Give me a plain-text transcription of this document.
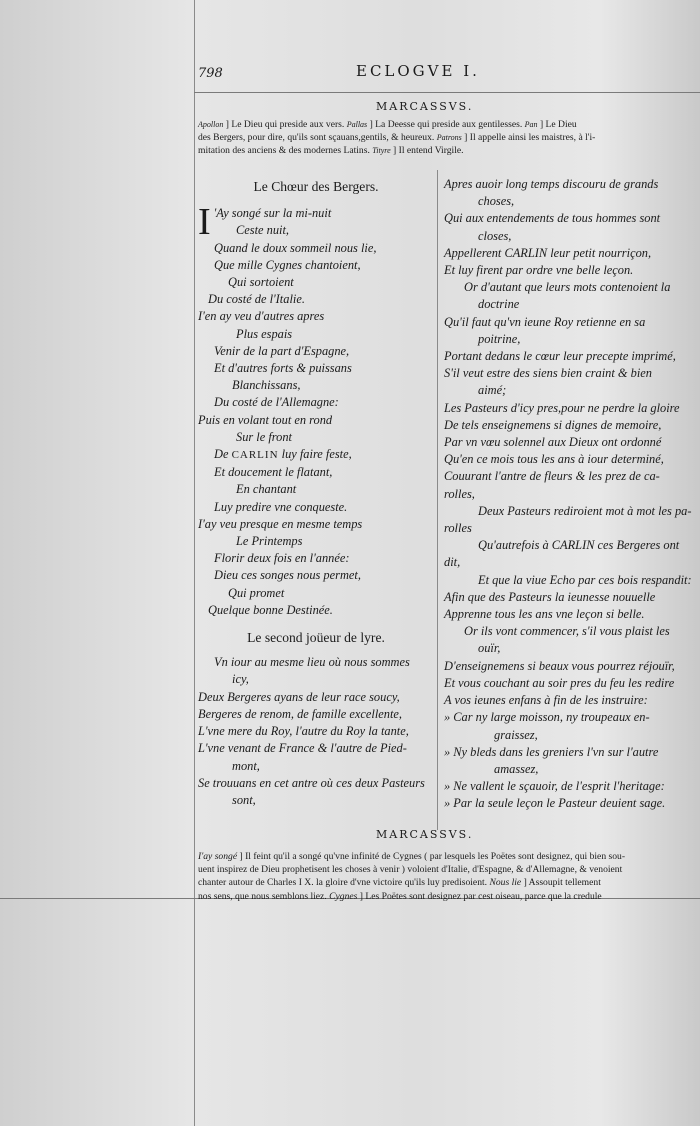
798	ECLOGVE I.
MARCASSVS.
Apollon ] Le Dieu qui preside aux vers. Pallas ] La Deesse qui preside aux gentilesses. Pan ] Le Dieu
des Bergers, pour dire, qu'ils sont sçauans,gentils, & heureux. Patrons ] Il appelle ainsi les maistres, à l'i-
mitation des anciens & des modernes Latins. Tityre ] Il entend Virgile.
Le Chœur des Bergers.
I 'Ay songé sur la mi-nuit
Ceste nuit,
Quand le doux sommeil nous lie,
Que mille Cygnes chantoient,
Qui sortoient
Du costé de l'Italie.
I'en ay veu d'autres apres
Plus espais
Venir de la part d'Espagne,
Et d'autres forts & puissans
Blanchissans,
Du costé de l'Allemagne:
Puis en volant tout en rond
Sur le front
De CARLIN luy faire feste,
Et doucement le flatant,
En chantant
Luy predire vne conqueste.
I'ay veu presque en mesme temps
Le Printemps
Florir deux fois en l'année:
Dieu ces songes nous permet,
Qui promet
Quelque bonne Destinée.
Le second joüeur de lyre.
Vn iour au mesme lieu où nous sommes
icy,
Deux Bergeres ayans de leur race soucy,
Bergeres de renom, de famille excellente,
L'vne mere du Roy, l'autre du Roy la tante,
L'vne venant de France & l'autre de Pied-
mont,
Se trouuans en cet antre où ces deux Pasteurs
sont,
Apres auoir long temps discouru de grands
choses,
Qui aux entendements de tous hommes sont
closes,
Appellerent CARLIN leur petit nourriçon,
Et luy firent par ordre vne belle leçon.
Or d'autant que leurs mots contenoient la
doctrine
Qu'il faut qu'vn ieune Roy retienne en sa
poitrine,
Portant dedans le cœur leur precepte imprimé,
S'il veut estre des siens bien craint & bien
aimé;
Les Pasteurs d'icy pres,pour ne perdre la gloire
De tels enseignemens si dignes de memoire,
Par vn vœu solennel aux Dieux ont ordonné
Qu'en ce mois tous les ans à iour determiné,
Couurant l'antre de fleurs & les prez de ca-
rolles,
Deux Pasteurs rediroient mot à mot les pa-
rolles
Qu'autrefois à CARLIN ces Bergeres ont
dit,
Et que la viue Echo par ces bois respandit:
Afin que des Pasteurs la ieunesse nouuelle
Apprenne tous les ans vne leçon si belle.
Or ils vont commencer, s'il vous plaist les
ouïr,
D'enseignemens si beaux vous pourrez réjouïr,
Et vous couchant au soir pres du feu les redire
A vos ieunes enfans à fin de les instruire:
» Car ny large moisson, ny troupeaux en-
graissez,
» Ny bleds dans les greniers l'vn sur l'autre
amassez,
» Ne vallent le sçauoir, de l'esprit l'heritage:
» Par la seule leçon le Pasteur deuient sage.
MARCASSVS.
I'ay songé ] Il feint qu'il a songé qu'vne infinité de Cygnes ( par lesquels les Poëtes sont designez, qui bien sou-
uent inspirez de Dieu prophetisent les choses à venir ) voloient d'Italie, d'Espagne, & d'Allemagne, & venoient
chanter autour de Charles I X. la gloire d'vne victoire qu'ils luy predisoient. Nous lie ] Assoupit tellement
nos sens, que nous semblons liez. Cygnes ] Les Poëtes sont designez par cest oiseau, parce que la credule
